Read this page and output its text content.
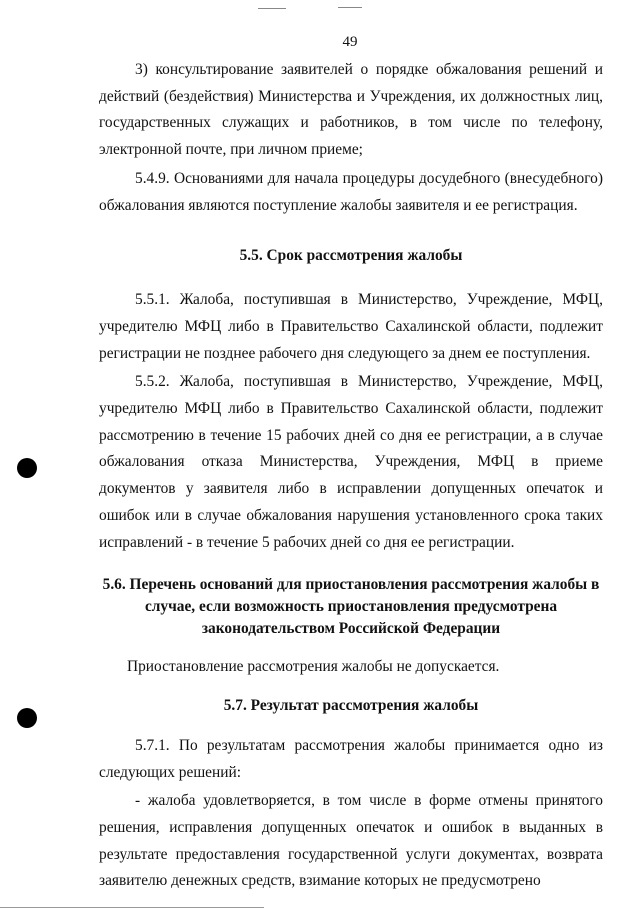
49

3) консультирование заявителей о порядке обжалования решений и действий (бездействия) Министерства и Учреждения, их должностных лиц, государственных служащих и работников, в том числе по телефону, электронной почте, при личном приеме;

5.4.9. Основаниями для начала процедуры досудебного (внесудебного) обжалования являются поступление жалобы заявителя и ее регистрация.

5.5. Срок рассмотрения жалобы

5.5.1. Жалоба, поступившая в Министерство, Учреждение, МФЦ, учредителю МФЦ либо в Правительство Сахалинской области, подлежит регистрации не позднее рабочего дня следующего за днем ее поступления.

5.5.2. Жалоба, поступившая в Министерство, Учреждение, МФЦ, учредителю МФЦ либо в Правительство Сахалинской области, подлежит рассмотрению в течение 15 рабочих дней со дня ее регистрации, а в случае обжалования отказа Министерства, Учреждения, МФЦ в приеме документов у заявителя либо в исправлении допущенных опечаток и ошибок или в случае обжалования нарушения установленного срока таких исправлений - в течение 5 рабочих дней со дня ее регистрации.

5.6. Перечень оснований для приостановления рассмотрения жалобы в случае, если возможность приостановления предусмотрена законодательством Российской Федерации

Приостановление рассмотрения жалобы не допускается.

5.7. Результат рассмотрения жалобы

5.7.1. По результатам рассмотрения жалобы принимается одно из следующих решений:

- жалоба удовлетворяется, в том числе в форме отмены принятого решения, исправления допущенных опечаток и ошибок в выданных в результате предоставления государственной услуги документах, возврата заявителю денежных средств, взимание которых не предусмотрено
